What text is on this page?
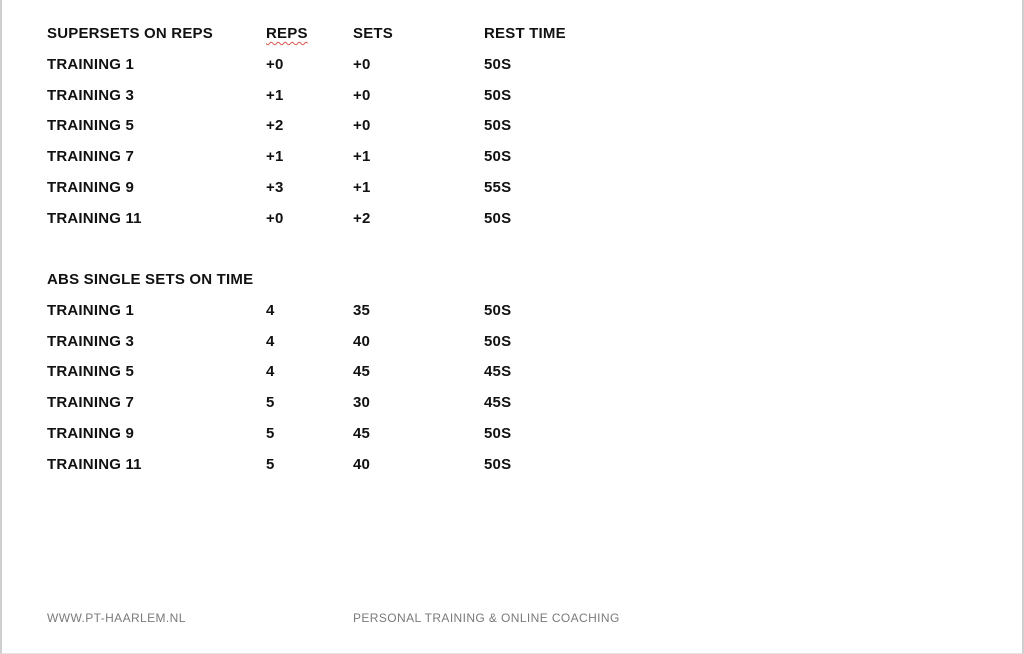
SUPERSETS ON REPS	REPS	SETS	REST TIME
TRAINING 1	+0	+0	50S
TRAINING 3	+1	+0	50S
TRAINING 5	+2	+0	50S
TRAINING 7	+1	+1	50S
TRAINING 9	+3	+1	55S
TRAINING 11	+0	+2	50S
ABS SINGLE SETS ON TIME
TRAINING 1	4	35	50S
TRAINING 3	4	40	50S
TRAINING 5	4	45	45S
TRAINING 7	5	30	45S
TRAINING 9	5	45	50S
TRAINING 11	5	40	50S
WWW.PT-HAARLEM.NL	PERSONAL TRAINING & ONLINE COACHING
